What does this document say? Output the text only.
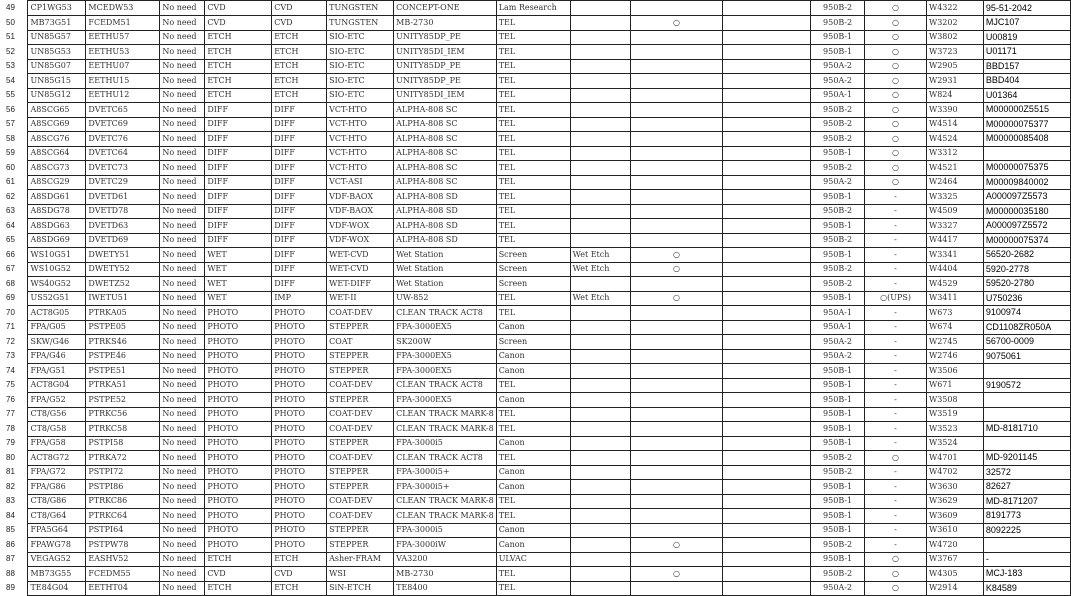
49	CP1WG53	MCEDW53	No need	CVD	CVD	TUNGSTEN	CONCEPT-ONE	Lam Research				950B-2	○	W4322	95-51-2042
50	MB73G51	FCEDM51	No need	CVD	CVD	TUNGSTEN	MB-2730	TEL		○		950B-2	○	W3202	MJC107
51	UN85G57	EETHU57	No need	ETCH	ETCH	SIO-ETC	UNITY85DP_PE	TEL				950B-1	○	W3802	U00819
52	UN85G53	EETHU53	No need	ETCH	ETCH	SIO-ETC	UNITY85DI_IEM	TEL				950B-1	○	W3723	U01171
53	UN85G07	EETHU07	No need	ETCH	ETCH	SIO-ETC	UNITY85DP_PE	TEL				950A-2	○	W2905	BBD157
54	UN85G15	EETHU15	No need	ETCH	ETCH	SIO-ETC	UNITY85DP_PE	TEL				950A-2	○	W2931	BBD404
55	UN85G12	EETHU12	No need	ETCH	ETCH	SIO-ETC	UNITY85DI_IEM	TEL				950A-1	○	W824	U01364
56	A8SCG65	DVETC65	No need	DIFF	DIFF	VCT-HTO	ALPHA-808 SC	TEL				950B-2	○	W3390	M000000Z5515
57	A8SCG69	DVETC69	No need	DIFF	DIFF	VCT-HTO	ALPHA-808 SC	TEL				950B-2	○	W4514	M00000075377
58	A8SCG76	DVETC76	No need	DIFF	DIFF	VCT-HTO	ALPHA-808 SC	TEL				950B-2	○	W4524	M00000085408
59	A8SCG64	DVETC64	No need	DIFF	DIFF	VCT-HTO	ALPHA-808 SC	TEL				950B-1	○	W3312	
60	A8SCG73	DVETC73	No need	DIFF	DIFF	VCT-HTO	ALPHA-808 SC	TEL				950B-2	○	W4521	M00000075375
61	A8SCG29	DVETC29	No need	DIFF	DIFF	VCT-ASI	ALPHA-808 SC	TEL				950A-2	○	W2464	M00009840002
62	A8SDG61	DVETD61	No need	DIFF	DIFF	VDF-BAOX	ALPHA-808 SD	TEL				950B-1	-	W3325	A000097Z5573
63	A8SDG78	DVETD78	No need	DIFF	DIFF	VDF-BAOX	ALPHA-808 SD	TEL				950B-2	-	W4509	M00000035180
64	A8SDG63	DVETD63	No need	DIFF	DIFF	VDF-WOX	ALPHA-808 SD	TEL				950B-1	-	W3327	A000097Z5572
65	A8SDG69	DVETD69	No need	DIFF	DIFF	VDF-WOX	ALPHA-808 SD	TEL				950B-2	-	W4417	M00000075374
66	WS10G51	DWETY51	No need	WET	DIFF	WET-CVD	Wet Station	Screen	Wet Etch	○		950B-1	-	W3341	56520-2682
67	WS10G52	DWETY52	No need	WET	DIFF	WET-CVD	Wet Station	Screen	Wet Etch	○		950B-2	-	W4404	5920-2778
68	WS40G52	DWETZ52	No need	WET	DIFF	WET-DIFF	Wet Station	Screen				950B-2	-	W4529	59520-2780
69	US52G51	IWETU51	No need	WET	IMP	WET-II	UW-852	TEL	Wet Etch	○		950B-1	○(UPS)	W3411	U750236
70	ACT8G05	PTRKA05	No need	PHOTO	PHOTO	COAT-DEV	CLEAN TRACK ACT8	TEL				950A-1	-	W673	9100974
71	FPA/G05	PSTPE05	No need	PHOTO	PHOTO	STEPPER	FPA-3000EX5	Canon				950A-1	-	W674	CD1108ZR050A
72	SKW/G46	PTRKS46	No need	PHOTO	PHOTO	COAT	SK200W	Screen				950A-2	-	W2745	56700-0009
73	FPA/G46	PSTPE46	No need	PHOTO	PHOTO	STEPPER	FPA-3000EX5	Canon				950A-2	-	W2746	9075061
74	FPA/G51	PSTPE51	No need	PHOTO	PHOTO	STEPPER	FPA-3000EX5	Canon				950B-1	-	W3506	
75	ACT8G04	PTRKA51	No need	PHOTO	PHOTO	COAT-DEV	CLEAN TRACK ACT8	TEL				950B-1	-	W671	9190572
76	FPA/G52	PSTPE52	No need	PHOTO	PHOTO	STEPPER	FPA-3000EX5	Canon				950B-1	-	W3508	
77	CT8/G56	PTRKC56	No need	PHOTO	PHOTO	COAT-DEV	CLEAN TRACK MARK-8	TEL				950B-1	-	W3519	
78	CT8/G58	PTRKC58	No need	PHOTO	PHOTO	COAT-DEV	CLEAN TRACK MARK-8	TEL				950B-1	-	W3523	MD-8181710
79	FPA/G58	PSTPI58	No need	PHOTO	PHOTO	STEPPER	FPA-3000i5	Canon				950B-1	-	W3524	
80	ACT8G72	PTRKA72	No need	PHOTO	PHOTO	COAT-DEV	CLEAN TRACK ACT8	TEL				950B-2	○	W4701	MD-9201145
81	FPA/G72	PSTPI72	No need	PHOTO	PHOTO	STEPPER	FPA-3000i5+	Canon				950B-2	-	W4702	32572
82	FPA/G86	PSTPI86	No need	PHOTO	PHOTO	STEPPER	FPA-3000i5+	Canon				950B-1	-	W3630	82627
83	CT8/G86	PTRKC86	No need	PHOTO	PHOTO	COAT-DEV	CLEAN TRACK MARK-8	TEL				950B-1	-	W3629	MD-8171207
84	CT8/G64	PTRKC64	No need	PHOTO	PHOTO	COAT-DEV	CLEAN TRACK MARK-8	TEL				950B-1	-	W3609	8191773
85	FPA5G64	PSTPI64	No need	PHOTO	PHOTO	STEPPER	FPA-3000i5	Canon				950B-1	-	W3610	8092225
86	FPAWG78	PSTPW78	No need	PHOTO	PHOTO	STEPPER	FPA-3000iW	Canon		○		950B-2	-	W4720	
87	VEGAG52	EASHV52	No need	ETCH	ETCH	Asher-FRAM	VA3200	ULVAC				950B-1	○	W3767	-
88	MB73G55	FCEDM55	No need	CVD	CVD	WSI	MB-2730	TEL		○		950B-2	○	W4305	MCJ-183
89	TE84G04	EETHT04	No need	ETCH	ETCH	SiN-ETCH	TE8400	TEL				950A-2	○	W2914	K84589
